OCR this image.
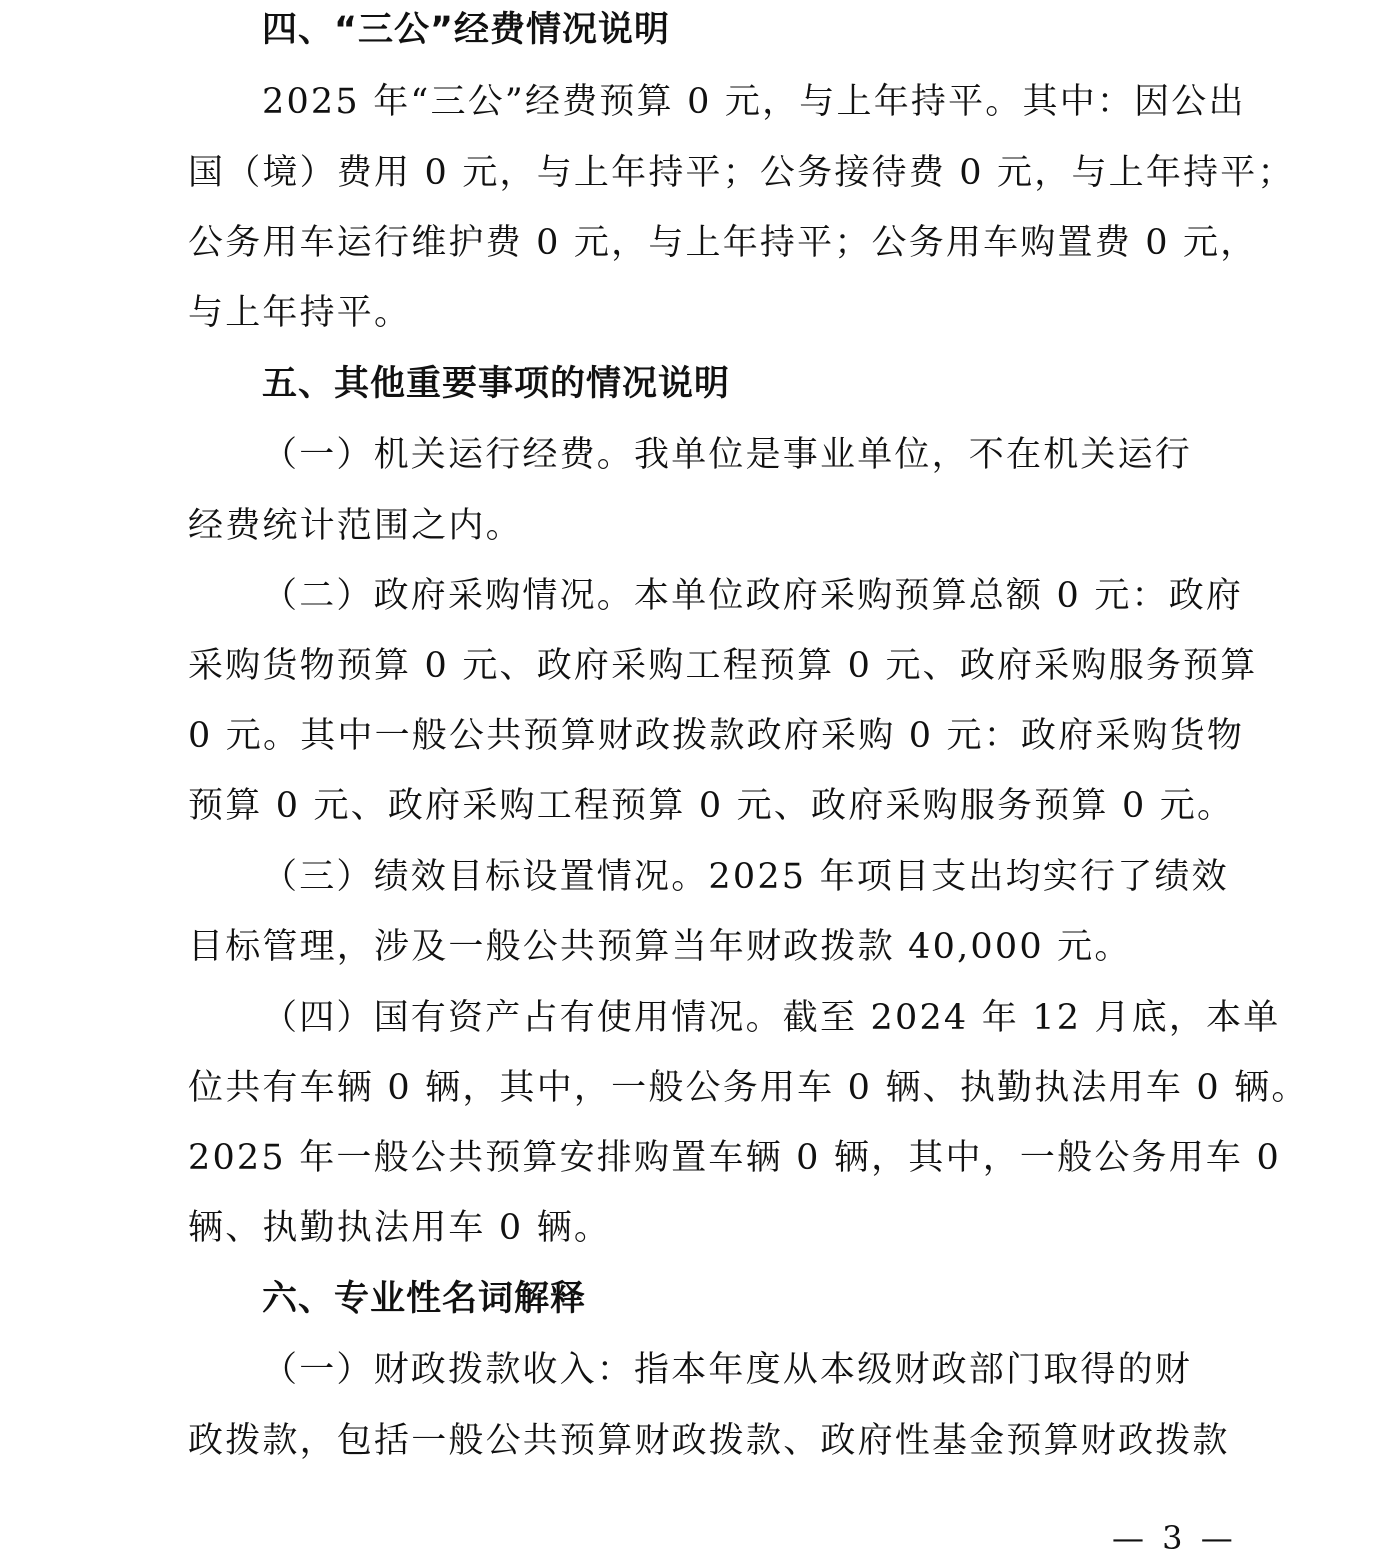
四、“三公”经费情况说明
2025 年“三公”经费预算 0 元，与上年持平。其中：因公出
国（境）费用 0 元，与上年持平；公务接待费 0 元，与上年持平；
公务用车运行维护费 0 元，与上年持平；公务用车购置费 0 元，
与上年持平。
五、其他重要事项的情况说明
（一）机关运行经费。我单位是事业单位，不在机关运行
经费统计范围之内。
（二）政府采购情况。本单位政府采购预算总额 0 元：政府
采购货物预算 0 元、政府采购工程预算 0 元、政府采购服务预算
0 元。其中一般公共预算财政拨款政府采购 0 元：政府采购货物
预算 0 元、政府采购工程预算 0 元、政府采购服务预算 0 元。
（三）绩效目标设置情况。2025 年项目支出均实行了绩效
目标管理，涉及一般公共预算当年财政拨款 40,000 元。
（四）国有资产占有使用情况。截至 2024 年 12 月底，本单
位共有车辆 0 辆，其中，一般公务用车 0 辆、执勤执法用车 0 辆。
2025 年一般公共预算安排购置车辆 0 辆，其中，一般公务用车 0
辆、执勤执法用车 0 辆。
六、专业性名词解释
（一）财政拨款收入：指本年度从本级财政部门取得的财
政拨款，包括一般公共预算财政拨款、政府性基金预算财政拨款
— 3 —
